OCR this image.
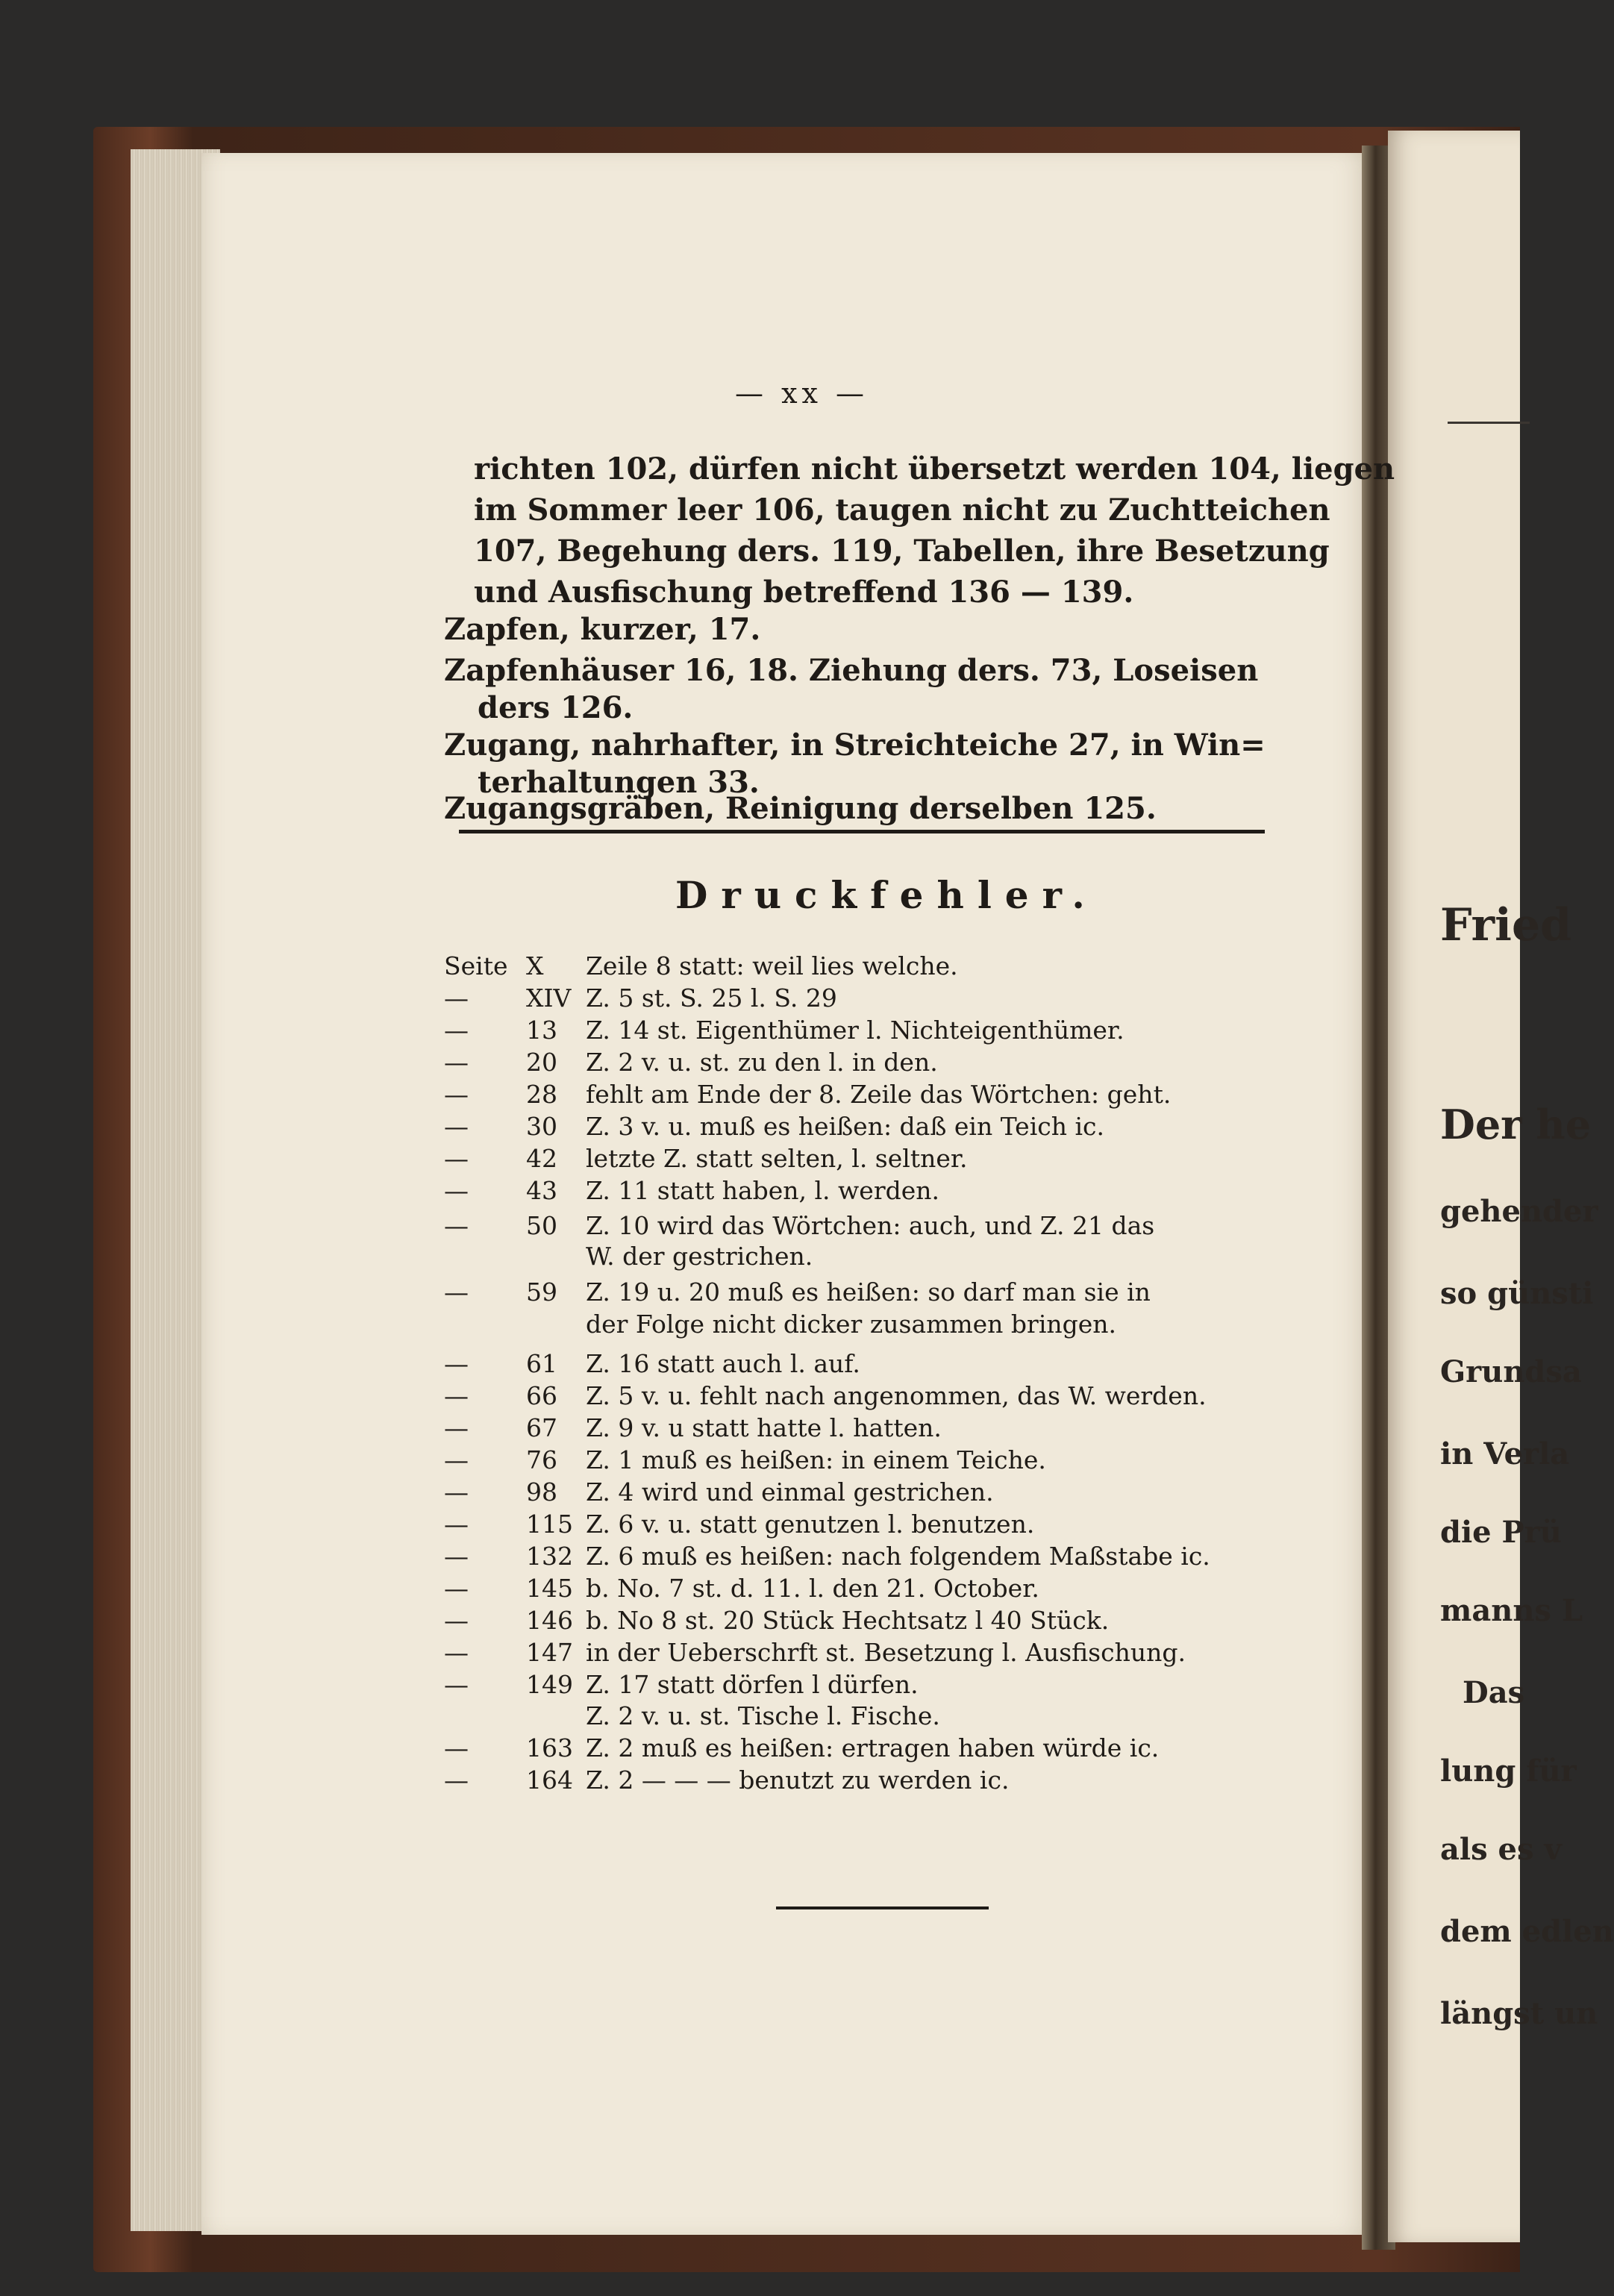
Fried
Der he
gehender
so günsti
Grundsa
in Verla
die Prü
manns L
Das
lung für
als es v
dem edlen
längst un
— xx —
richten 102, dürfen nicht übersetzt werden 104, liegen
im Sommer leer 106, taugen nicht zu Zuchtteichen
107, Begehung ders. 119, Tabellen, ihre Besetzung
und Ausfischung betreffend 136 — 139.
Zapfen, kurzer, 17.
Zapfenhäuser 16, 18. Ziehung ders. 73, Loseisen
ders 126.
Zugang, nahrhafter, in Streichteiche 27, in Win=
terhaltungen 33.
Zugangsgräben, Reinigung derselben 125.
Druckfehler.
Seite X Zeile 8 statt: weil lies welche.
— XIV Z. 5 st. S. 25 l. S. 29
— 13 Z. 14 st. Eigenthümer l. Nichteigenthümer.
— 20 Z. 2 v. u. st. zu den l. in den.
— 28 fehlt am Ende der 8. Zeile das Wörtchen: geht.
— 30 Z. 3 v. u. muß es heißen: daß ein Teich ic.
— 42 letzte Z. statt selten, l. seltner.
— 43 Z. 11 statt haben, l. werden.
— 50 Z. 10 wird das Wörtchen: auch, und Z. 21 das
W. der gestrichen.
— 59 Z. 19 u. 20 muß es heißen: so darf man sie in
der Folge nicht dicker zusammen bringen.
— 61 Z. 16 statt auch l. auf.
— 66 Z. 5 v. u. fehlt nach angenommen, das W. werden.
— 67 Z. 9 v. u statt hatte l. hatten.
— 76 Z. 1 muß es heißen: in einem Teiche.
— 98 Z. 4 wird und einmal gestrichen.
— 115 Z. 6 v. u. statt genutzen l. benutzen.
— 132 Z. 6 muß es heißen: nach folgendem Maßstabe ic.
— 145 b. No. 7 st. d. 11. l. den 21. October.
— 146 b. No 8 st. 20 Stück Hechtsatz l 40 Stück.
— 147 in der Ueberschrft st. Besetzung l. Ausfischung.
— 149 Z. 17 statt dörfen l dürfen.
Z. 2 v. u. st. Tische l. Fische.
— 163 Z. 2 muß es heißen: ertragen haben würde ic.
— 164 Z. 2 — — — benutzt zu werden ic.
